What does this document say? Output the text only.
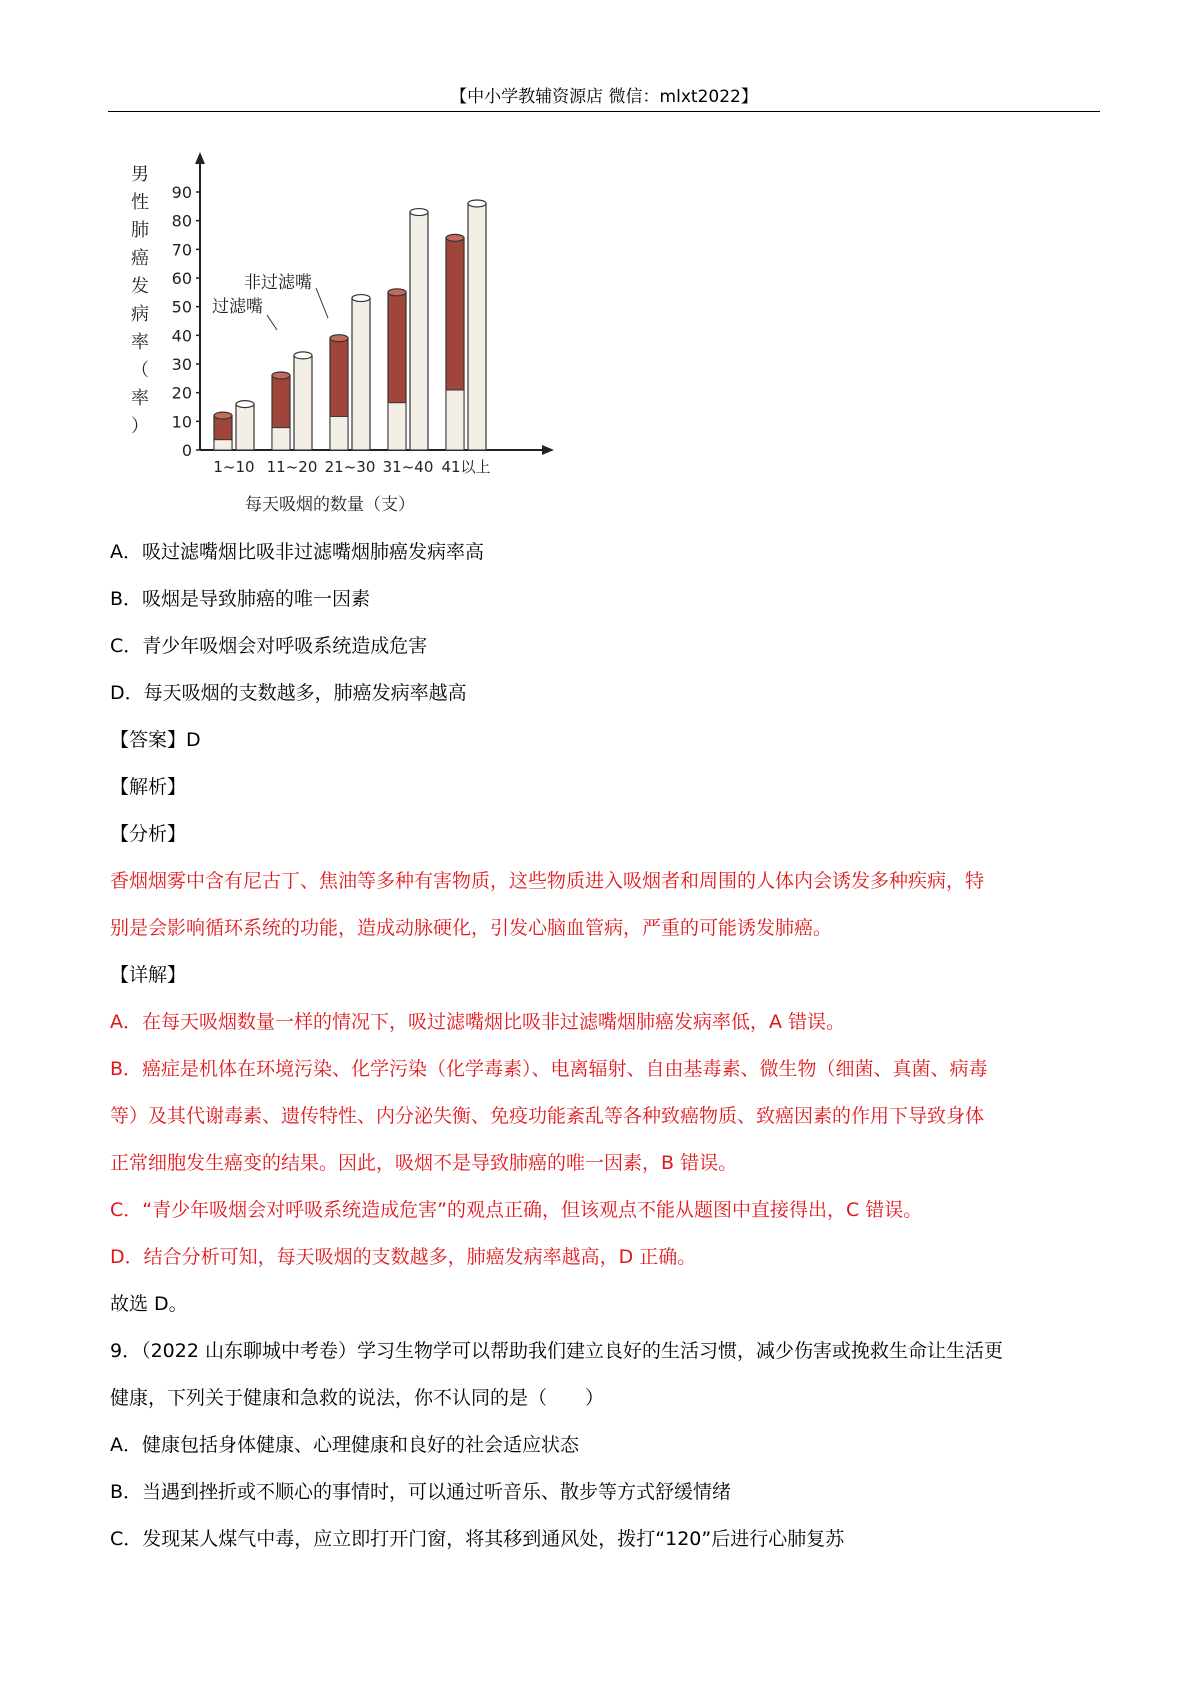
【中小学教辅资源店 微信：mlxt2022】
0
10
20
30
40
50
60
70
80
90
男
性
肺
癌
发
病
率
（
率
）
1~10 11~20 21~30 31~40 41以上
非过滤嘴
过滤嘴
每天吸烟的数量（支）
A．吸过滤嘴烟比吸非过滤嘴烟肺癌发病率高
B．吸烟是导致肺癌的唯一因素
C．青少年吸烟会对呼吸系统造成危害
D．每天吸烟的支数越多，肺癌发病率越高
【答案】D
【解析】
【分析】
香烟烟雾中含有尼古丁、焦油等多种有害物质，这些物质进入吸烟者和周围的人体内会诱发多种疾病，特
别是会影响循环系统的功能，造成动脉硬化，引发心脑血管病，严重的可能诱发肺癌。
【详解】
A．在每天吸烟数量一样的情况下，吸过滤嘴烟比吸非过滤嘴烟肺癌发病率低，A 错误。
B．癌症是机体在环境污染、化学污染（化学毒素）、电离辐射、自由基毒素、微生物（细菌、真菌、病毒
等）及其代谢毒素、遗传特性、内分泌失衡、免疫功能紊乱等各种致癌物质、致癌因素的作用下导致身体
正常细胞发生癌变的结果。因此，吸烟不是导致肺癌的唯一因素，B 错误。
C．“青少年吸烟会对呼吸系统造成危害”的观点正确，但该观点不能从题图中直接得出，C 错误。
D．结合分析可知，每天吸烟的支数越多，肺癌发病率越高，D 正确。
故选 D。
9．（2022 山东聊城中考卷）学习生物学可以帮助我们建立良好的生活习惯，减少伤害或挽救生命让生活更
健康，下列关于健康和急救的说法，你不认同的是（　　）
A．健康包括身体健康、心理健康和良好的社会适应状态
B．当遇到挫折或不顺心的事情时，可以通过听音乐、散步等方式舒缓情绪
C．发现某人煤气中毒，应立即打开门窗，将其移到通风处，拨打“120”后进行心肺复苏
